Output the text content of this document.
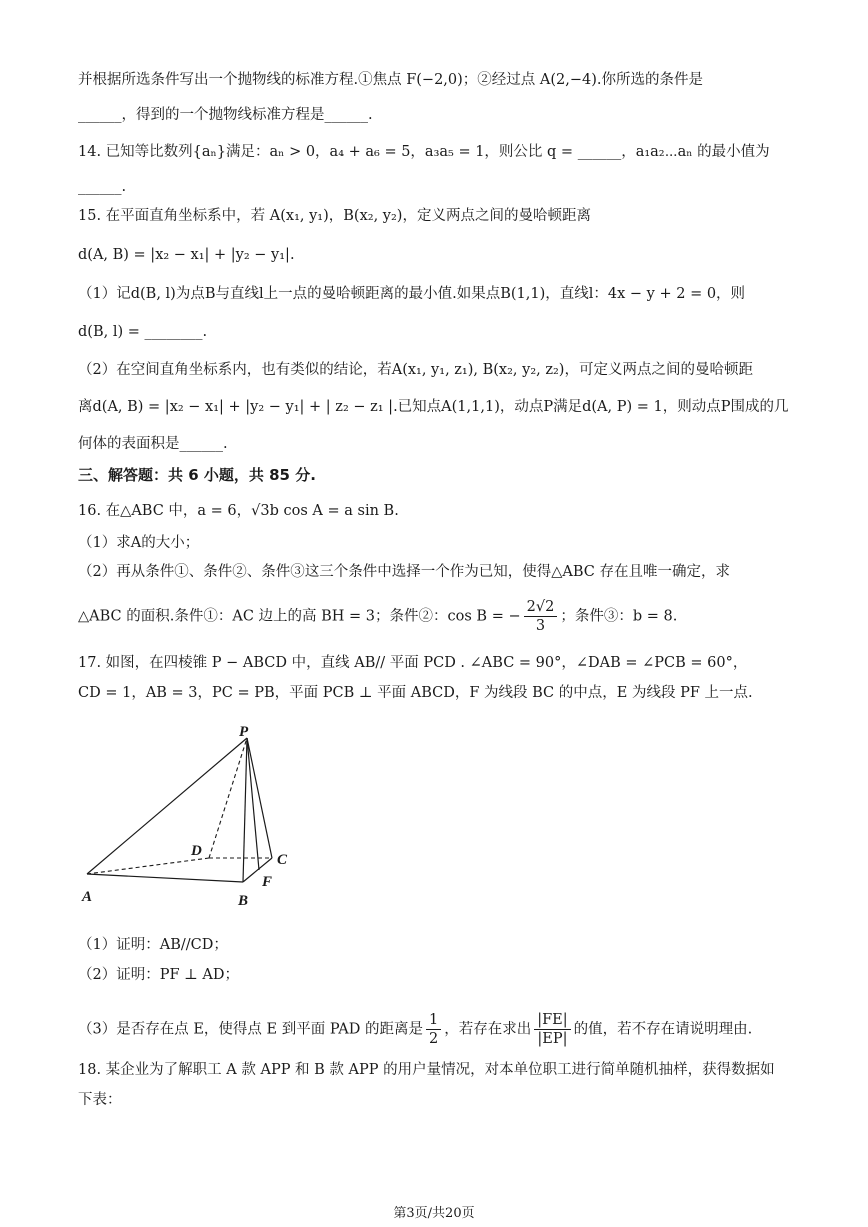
并根据所选条件写出一个抛物线的标准方程.①焦点 F(−2,0)；②经过点 A(2,−4).你所选的条件是
______，得到的一个抛物线标准方程是______.
14. 已知等比数列{aₙ}满足：aₙ > 0，a₄ + a₆ = 5，a₃a₅ = 1，则公比 q = ______，a₁a₂⋯aₙ 的最小值为
______.
15. 在平面直角坐标系中，若 A(x₁, y₁)，B(x₂, y₂)，定义两点之间的曼哈顿距离
d(A, B) = |x₂ − x₁| + |y₂ − y₁|.
（1）记d(B, l)为点B与直线l上一点的曼哈顿距离的最小值.如果点B(1,1)，直线l：4x − y + 2 = 0，则
d(B, l) = ________.
（2）在空间直角坐标系内，也有类似的结论，若A(x₁, y₁, z₁), B(x₂, y₂, z₂)，可定义两点之间的曼哈顿距
离d(A, B) = |x₂ − x₁| + |y₂ − y₁| + | z₂ − z₁ |.已知点A(1,1,1)，动点P满足d(A, P) = 1，则动点P围成的几
何体的表面积是______.
三、解答题：共 6 小题，共 85 分.
16. 在△ABC 中，a = 6，√3b cos A = a sin B.
（1）求A的大小；
（2）再从条件①、条件②、条件③这三个条件中选择一个作为已知，使得△ABC 存在且唯一确定，求
△ABC 的面积.条件①：AC 边上的高 BH = 3；条件②：cos B = − $\frac{2√2}{3}$ ；条件③：b = 8.
17. 如图，在四棱锥 P − ABCD 中，直线 AB// 平面 PCD . ∠ABC = 90°，∠DAB = ∠PCB = 60°，
CD = 1，AB = 3，PC = PB，平面 PCB ⊥ 平面 ABCD，F 为线段 BC 的中点，E 为线段 PF 上一点.
P
D
C
F
A	B
（1）证明：AB//CD；
（2）证明：PF ⊥ AD；
（3）是否存在点 E，使得点 E 到平面 PAD 的距离是 $\frac{1}{2}$ ，若存在求出 $\frac{|FE|}{|EP|}$ 的值，若不存在请说明理由.
18. 某企业为了解职工 A 款 APP 和 B 款 APP 的用户量情况，对本单位职工进行简单随机抽样，获得数据如
下表：
第3页/共20页
